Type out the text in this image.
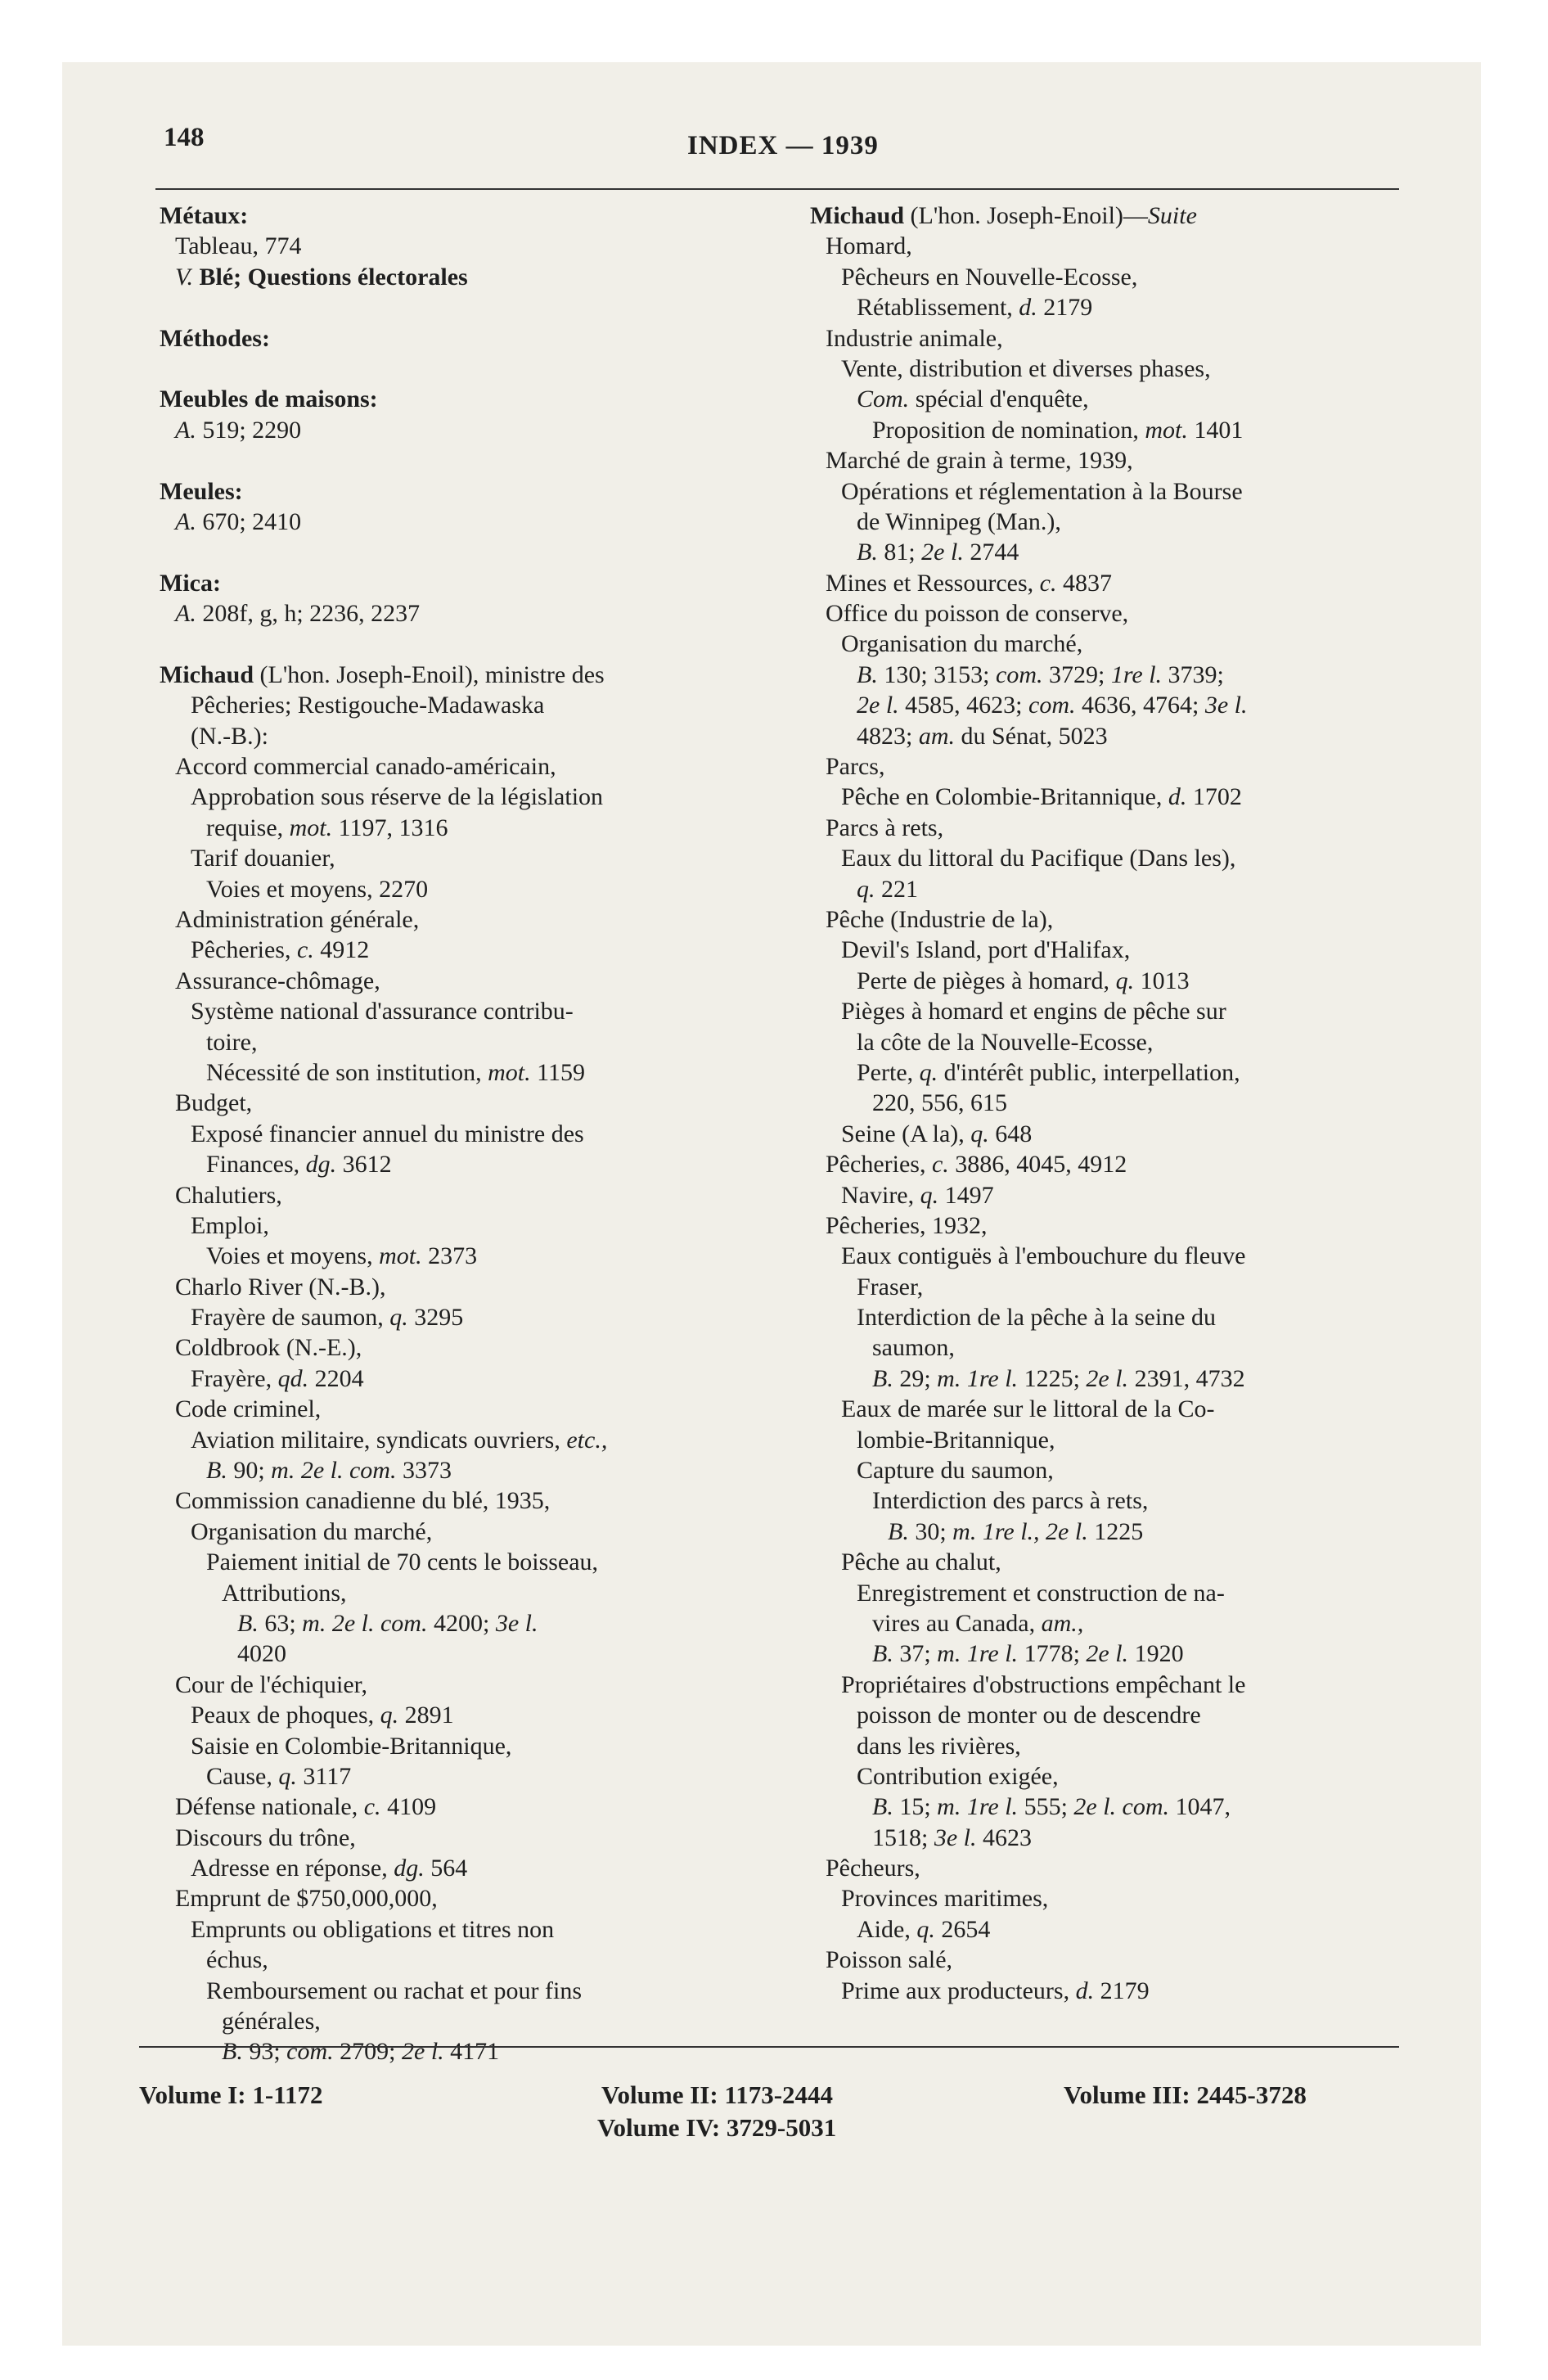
148	INDEX — 1939
Métaux:
Tableau, 774
V. Blé; Questions électorales
Méthodes:
Meubles de maisons:
A. 519; 2290
Meules:
A. 670; 2410
Mica:
A. 208f, g, h; 2236, 2237
Michaud (L'hon. Joseph-Enoil), ministre des
Pêcheries; Restigouche-Madawaska
(N.-B.):
Accord commercial canado-américain,
Approbation sous réserve de la législation
requise, mot. 1197, 1316
Tarif douanier,
Voies et moyens, 2270
Administration générale,
Pêcheries, c. 4912
Assurance-chômage,
Système national d'assurance contribu-
toire,
Nécessité de son institution, mot. 1159
Budget,
Exposé financier annuel du ministre des
Finances, dg. 3612
Chalutiers,
Emploi,
Voies et moyens, mot. 2373
Charlo River (N.-B.),
Frayère de saumon, q. 3295
Coldbrook (N.-E.),
Frayère, qd. 2204
Code criminel,
Aviation militaire, syndicats ouvriers, etc.,
B. 90; m. 2e l. com. 3373
Commission canadienne du blé, 1935,
Organisation du marché,
Paiement initial de 70 cents le boisseau,
Attributions,
B. 63; m. 2e l. com. 4200; 3e l.
4020
Cour de l'échiquier,
Peaux de phoques, q. 2891
Saisie en Colombie-Britannique,
Cause, q. 3117
Défense nationale, c. 4109
Discours du trône,
Adresse en réponse, dg. 564
Emprunt de $750,000,000,
Emprunts ou obligations et titres non
échus,
Remboursement ou rachat et pour fins
générales,
B. 93; com. 2709; 2e l. 4171
Michaud (L'hon. Joseph-Enoil)—Suite
Homard,
Pêcheurs en Nouvelle-Ecosse,
Rétablissement, d. 2179
Industrie animale,
Vente, distribution et diverses phases,
Com. spécial d'enquête,
Proposition de nomination, mot. 1401
Marché de grain à terme, 1939,
Opérations et réglementation à la Bourse
de Winnipeg (Man.),
B. 81; 2e l. 2744
Mines et Ressources, c. 4837
Office du poisson de conserve,
Organisation du marché,
B. 130; 3153; com. 3729; 1re l. 3739;
2e l. 4585, 4623; com. 4636, 4764; 3e l.
4823; am. du Sénat, 5023
Parcs,
Pêche en Colombie-Britannique, d. 1702
Parcs à rets,
Eaux du littoral du Pacifique (Dans les),
q. 221
Pêche (Industrie de la),
Devil's Island, port d'Halifax,
Perte de pièges à homard, q. 1013
Pièges à homard et engins de pêche sur
la côte de la Nouvelle-Ecosse,
Perte, q. d'intérêt public, interpellation,
220, 556, 615
Seine (A la), q. 648
Pêcheries, c. 3886, 4045, 4912
Navire, q. 1497
Pêcheries, 1932,
Eaux contiguës à l'embouchure du fleuve
Fraser,
Interdiction de la pêche à la seine du
saumon,
B. 29; m. 1re l. 1225; 2e l. 2391, 4732
Eaux de marée sur le littoral de la Co-
lombie-Britannique,
Capture du saumon,
Interdiction des parcs à rets,
B. 30; m. 1re l., 2e l. 1225
Pêche au chalut,
Enregistrement et construction de na-
vires au Canada, am.,
B. 37; m. 1re l. 1778; 2e l. 1920
Propriétaires d'obstructions empêchant le
poisson de monter ou de descendre
dans les rivières,
Contribution exigée,
B. 15; m. 1re l. 555; 2e l. com. 1047,
1518; 3e l. 4623
Pêcheurs,
Provinces maritimes,
Aide, q. 2654
Poisson salé,
Prime aux producteurs, d. 2179
Volume I: 1-1172	Volume II: 1173-2444	Volume III: 2445-3728
Volume IV: 3729-5031
